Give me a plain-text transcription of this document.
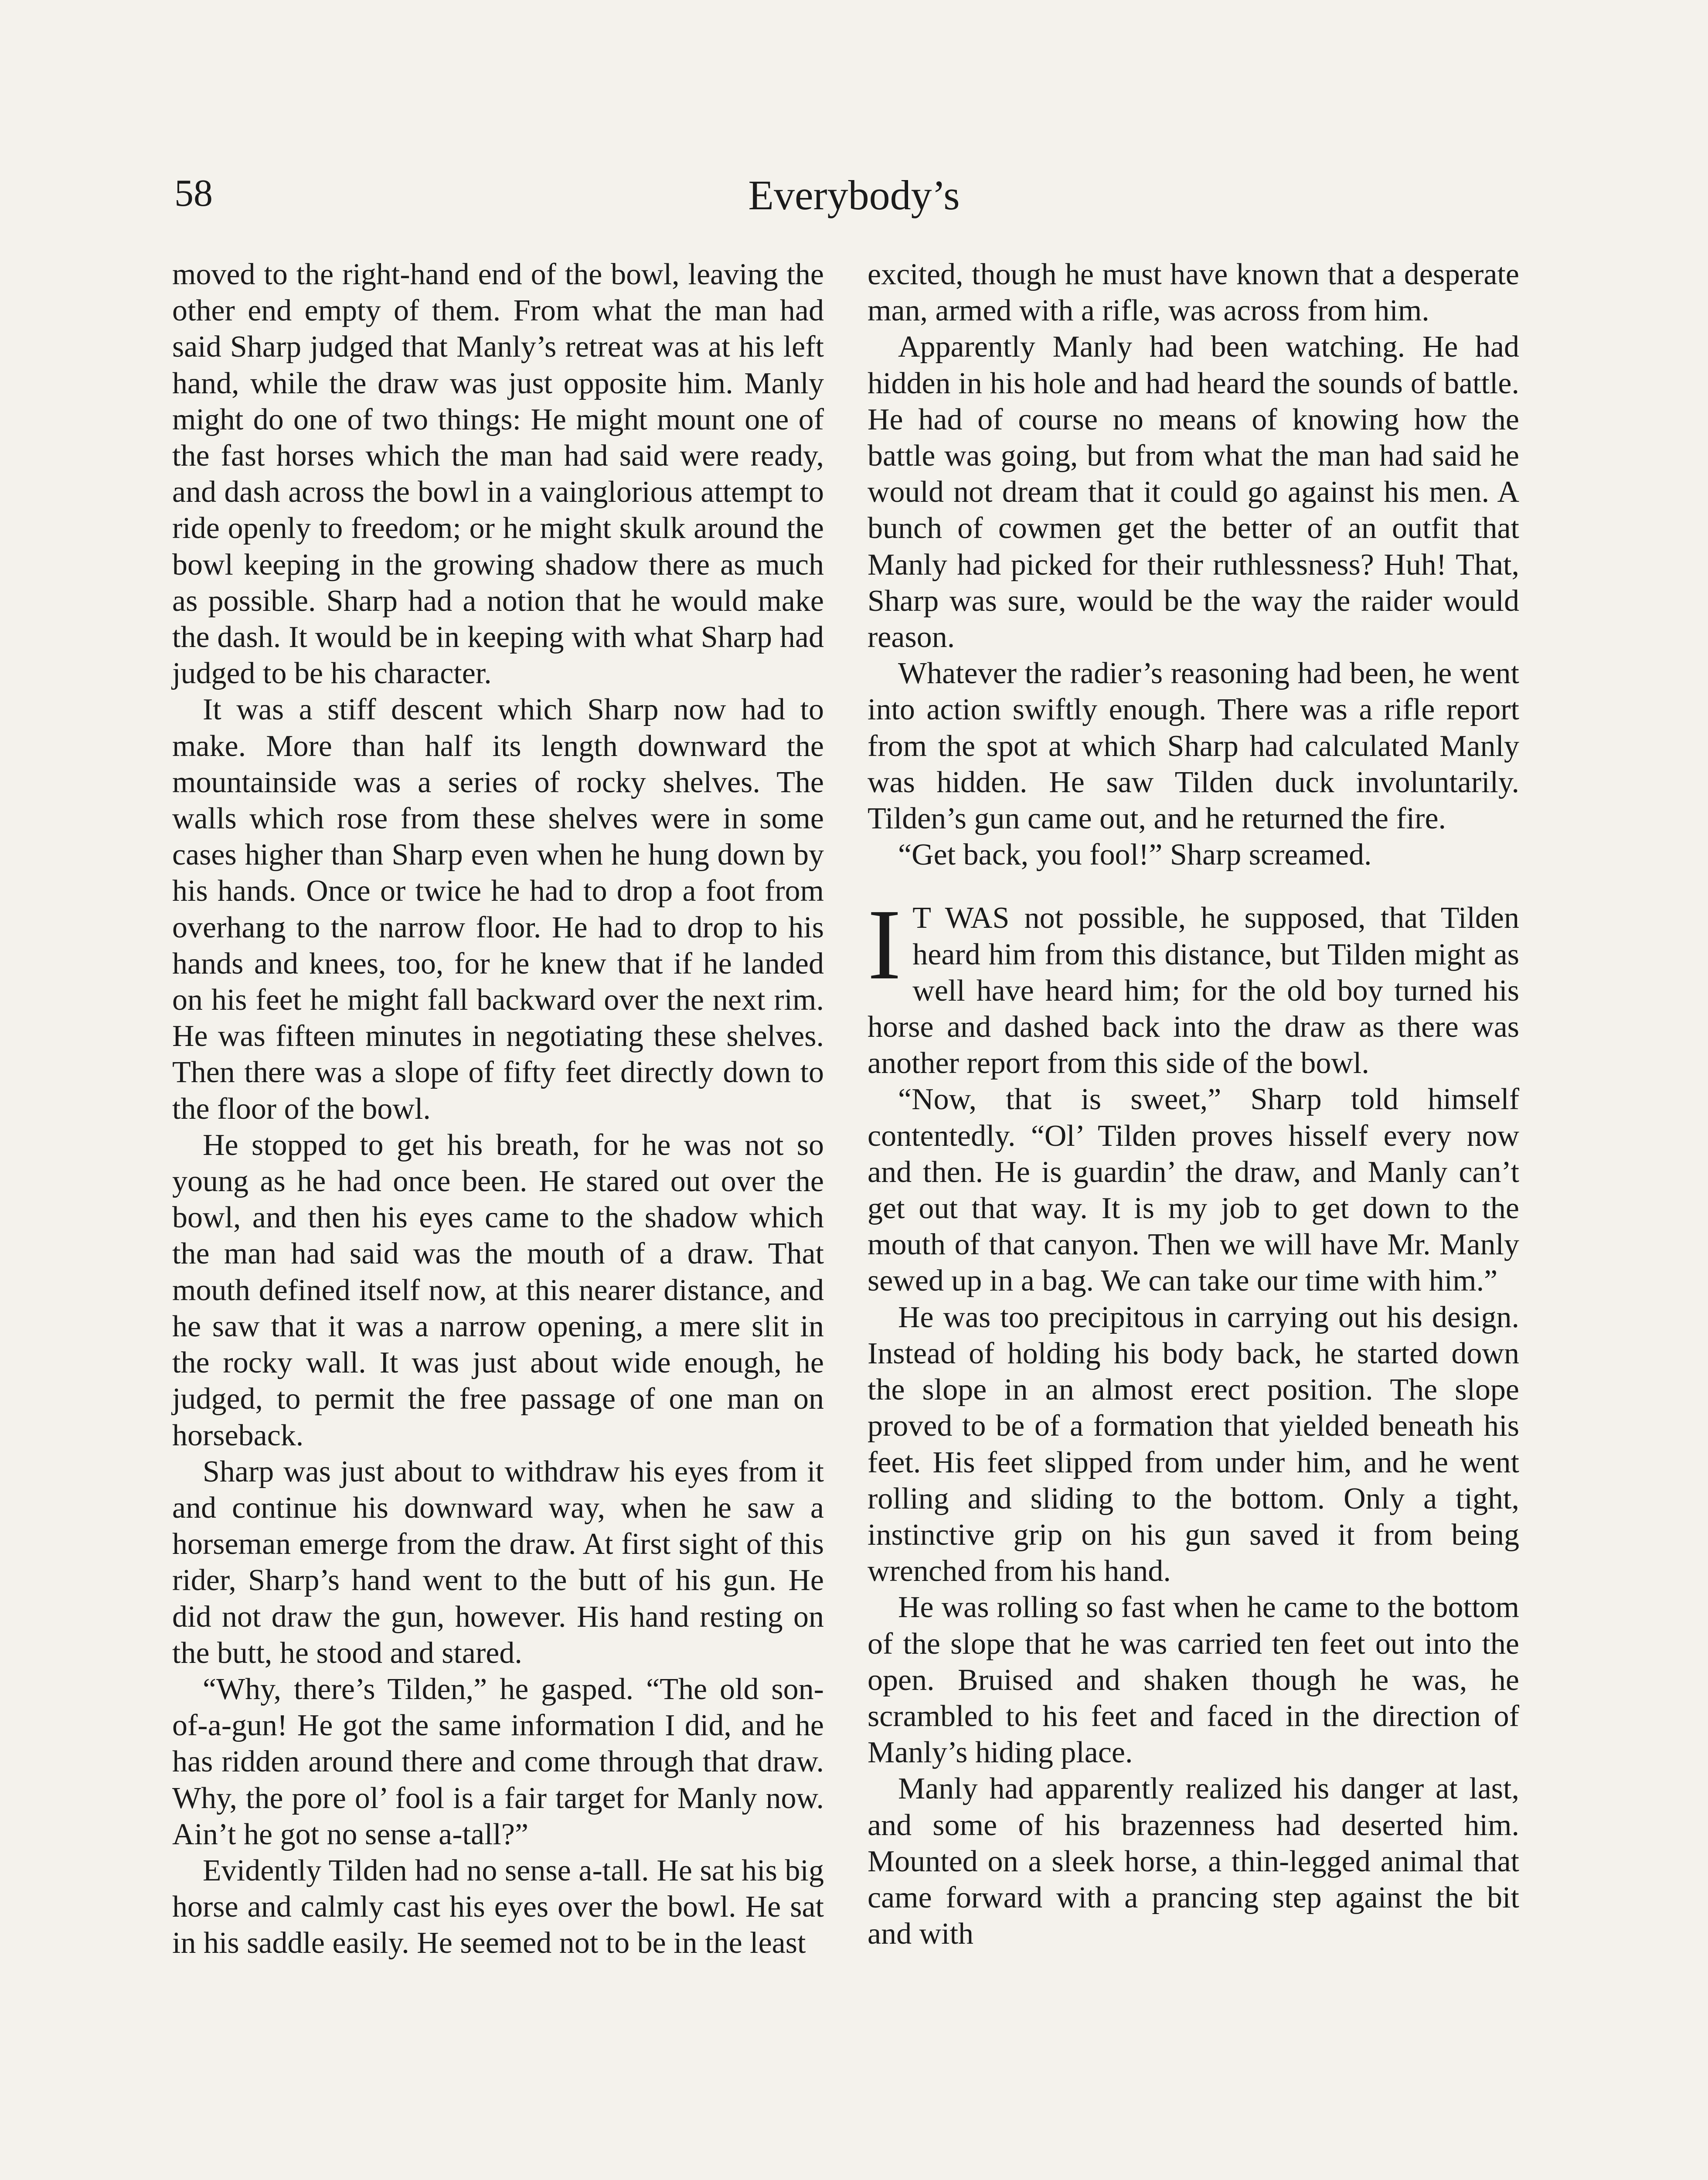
58	Everybody’s

moved to the right-hand end of the bowl, leaving the other end empty of them. From what the man had said Sharp judged that Manly’s retreat was at his left hand, while the draw was just opposite him. Manly might do one of two things: He might mount one of the fast horses which the man had said were ready, and dash across the bowl in a vainglorious attempt to ride openly to freedom; or he might skulk around the bowl keeping in the growing shadow there as much as possible. Sharp had a notion that he would make the dash. It would be in keeping with what Sharp had judged to be his character.

It was a stiff descent which Sharp now had to make. More than half its length downward the mountainside was a series of rocky shelves. The walls which rose from these shelves were in some cases higher than Sharp even when he hung down by his hands. Once or twice he had to drop a foot from overhang to the narrow floor. He had to drop to his hands and knees, too, for he knew that if he landed on his feet he might fall backward over the next rim. He was fifteen minutes in negotiating these shelves. Then there was a slope of fifty feet directly down to the floor of the bowl.

He stopped to get his breath, for he was not so young as he had once been. He stared out over the bowl, and then his eyes came to the shadow which the man had said was the mouth of a draw. That mouth defined itself now, at this nearer distance, and he saw that it was a narrow opening, a mere slit in the rocky wall. It was just about wide enough, he judged, to permit the free passage of one man on horseback.

Sharp was just about to withdraw his eyes from it and continue his downward way, when he saw a horseman emerge from the draw. At first sight of this rider, Sharp’s hand went to the butt of his gun. He did not draw the gun, however. His hand resting on the butt, he stood and stared.

“Why, there’s Tilden,” he gasped. “The old son-of-a-gun! He got the same information I did, and he has ridden around there and come through that draw. Why, the pore ol’ fool is a fair target for Manly now. Ain’t he got no sense a-tall?”

Evidently Tilden had no sense a-tall. He sat his big horse and calmly cast his eyes over the bowl. He sat in his saddle easily. He seemed not to be in the least

excited, though he must have known that a desperate man, armed with a rifle, was across from him.

Apparently Manly had been watching. He had hidden in his hole and had heard the sounds of battle. He had of course no means of knowing how the battle was going, but from what the man had said he would not dream that it could go against his men. A bunch of cowmen get the better of an outfit that Manly had picked for their ruthlessness? Huh! That, Sharp was sure, would be the way the raider would reason.

Whatever the radier’s reasoning had been, he went into action swiftly enough. There was a rifle report from the spot at which Sharp had calculated Manly was hidden. He saw Tilden duck involuntarily. Tilden’s gun came out, and he returned the fire.

“Get back, you fool!” Sharp screamed.

I T WAS not possible, he supposed, that Tilden heard him from this distance, but Tilden might as well have heard him; for the old boy turned his horse and dashed back into the draw as there was another report from this side of the bowl.

“Now, that is sweet,” Sharp told himself contentedly. “Ol’ Tilden proves hisself every now and then. He is guardin’ the draw, and Manly can’t get out that way. It is my job to get down to the mouth of that canyon. Then we will have Mr. Manly sewed up in a bag. We can take our time with him.”

He was too precipitous in carrying out his design. Instead of holding his body back, he started down the slope in an almost erect position. The slope proved to be of a formation that yielded beneath his feet. His feet slipped from under him, and he went rolling and sliding to the bottom. Only a tight, instinctive grip on his gun saved it from being wrenched from his hand.

He was rolling so fast when he came to the bottom of the slope that he was carried ten feet out into the open. Bruised and shaken though he was, he scrambled to his feet and faced in the direction of Manly’s hiding place.

Manly had apparently realized his danger at last, and some of his brazenness had deserted him. Mounted on a sleek horse, a thin-legged animal that came forward with a prancing step against the bit and with
